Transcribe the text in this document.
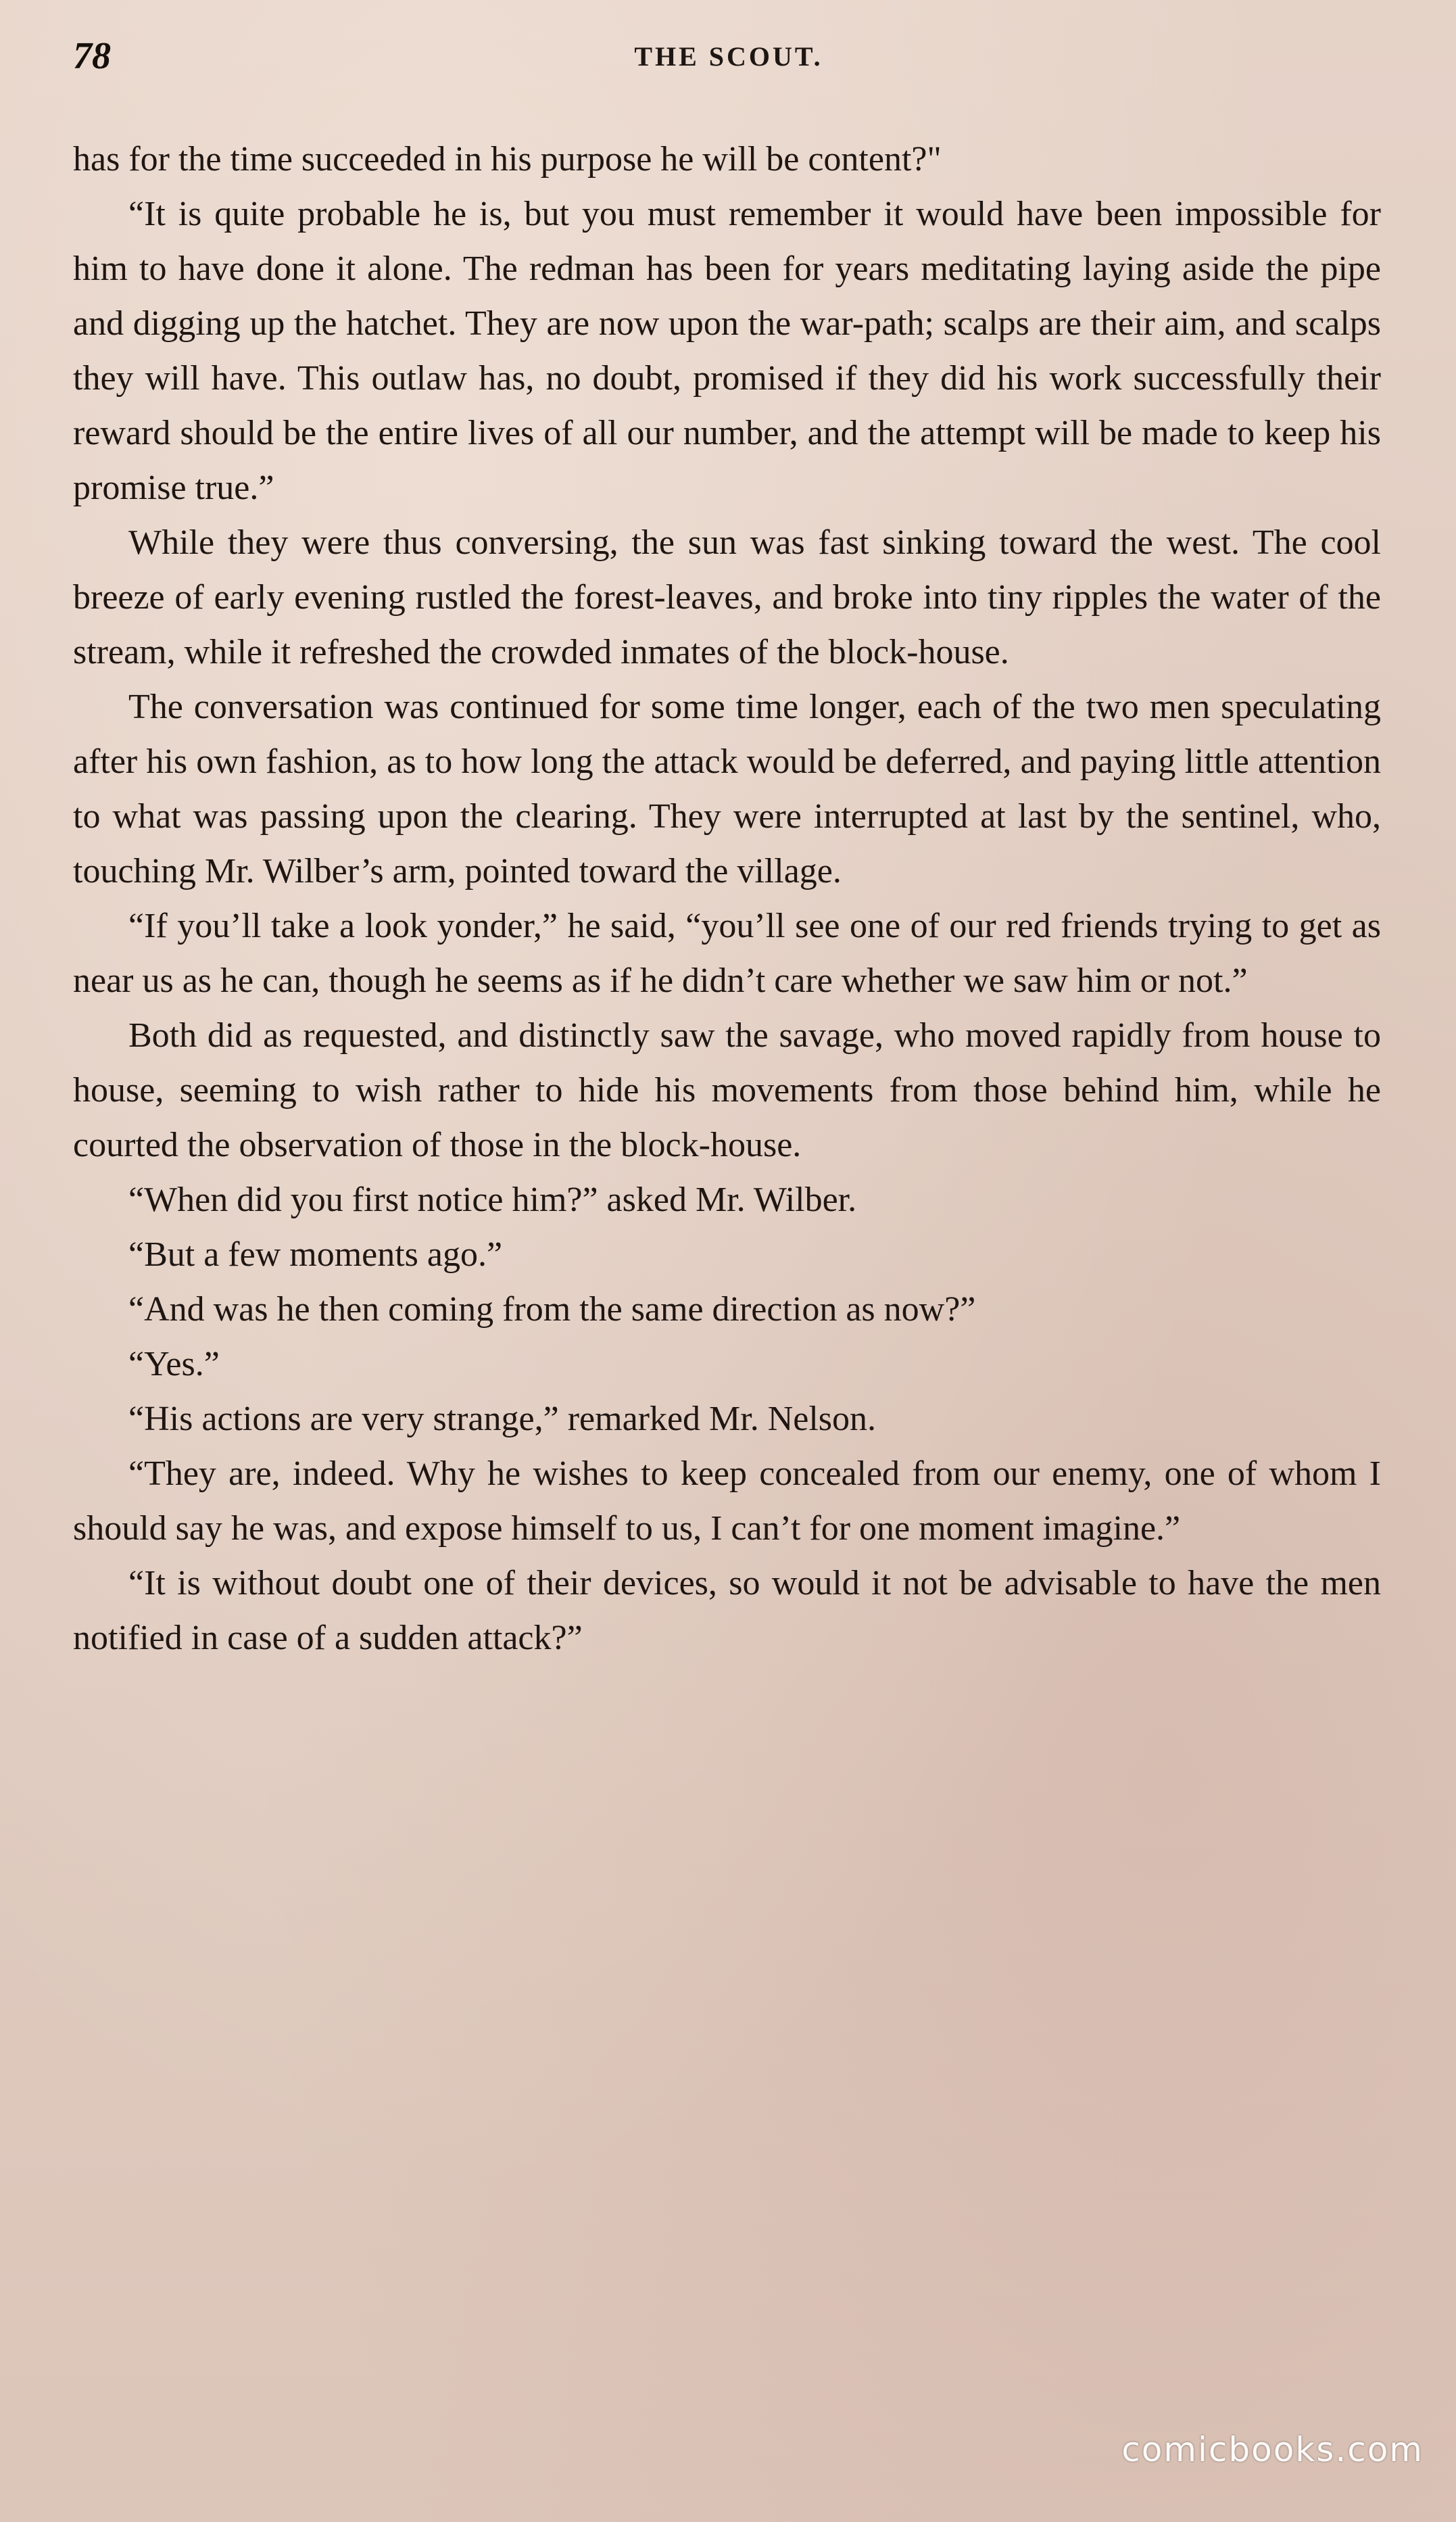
78	THE SCOUT.

has for the time succeeded in his purpose he will be content?"

“It is quite probable he is, but you must remember it would have been impossible for him to have done it alone. The redman has been for years meditating laying aside the pipe and digging up the hatchet. They are now upon the war-path; scalps are their aim, and scalps they will have. This outlaw has, no doubt, promised if they did his work successfully their reward should be the entire lives of all our number, and the attempt will be made to keep his promise true.”

While they were thus conversing, the sun was fast sinking toward the west. The cool breeze of early evening rustled the forest-leaves, and broke into tiny ripples the water of the stream, while it refreshed the crowded inmates of the block-house.

The conversation was continued for some time longer, each of the two men speculating after his own fashion, as to how long the attack would be deferred, and paying little attention to what was passing upon the clearing. They were interrupted at last by the sentinel, who, touching Mr. Wilber’s arm, pointed toward the village.

“If you’ll take a look yonder,” he said, “you’ll see one of our red friends trying to get as near us as he can, though he seems as if he didn’t care whether we saw him or not.”

Both did as requested, and distinctly saw the savage, who moved rapidly from house to house, seeming to wish rather to hide his movements from those behind him, while he courted the observation of those in the block-house.

“When did you first notice him?” asked Mr. Wilber.

“But a few moments ago.”

“And was he then coming from the same direction as now?”

“Yes.”

“His actions are very strange,” remarked Mr. Nelson.

“They are, indeed. Why he wishes to keep concealed from our enemy, one of whom I should say he was, and expose himself to us, I can’t for one moment imagine.”

“It is without doubt one of their devices, so would it not be advisable to have the men notified in case of a sudden attack?”

comicbooks.com
